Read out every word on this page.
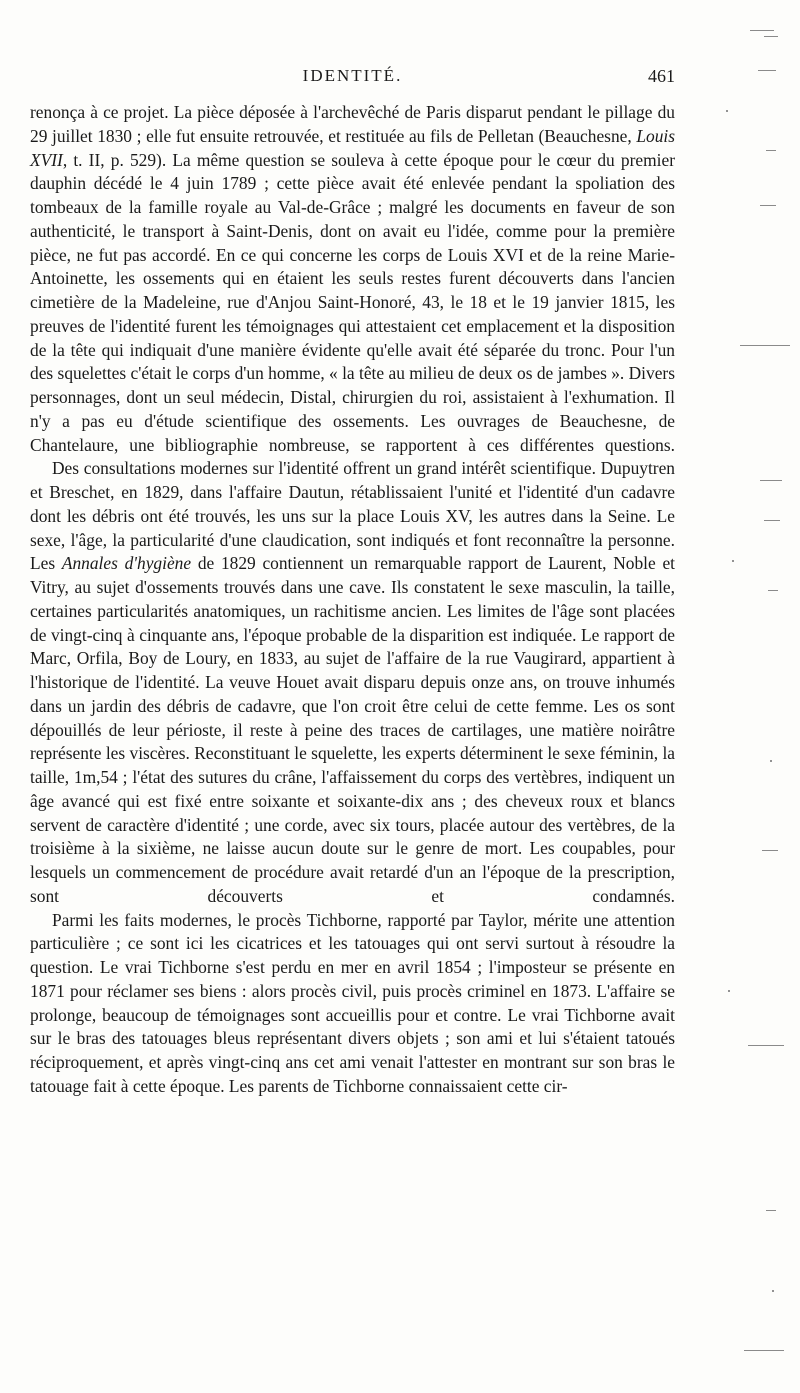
IDENTITÉ.	461

renonça à ce projet. La pièce déposée à l'archevêché de Paris disparut pendant le pillage du 29 juillet 1830 ; elle fut ensuite retrouvée, et restituée au fils de Pelletan (Beauchesne, Louis XVII, t. II, p. 529). La même question se souleva à cette époque pour le cœur du premier dauphin décédé le 4 juin 1789 ; cette pièce avait été enlevée pendant la spoliation des tombeaux de la famille royale au Val-de-Grâce ; malgré les documents en faveur de son authenticité, le transport à Saint-Denis, dont on avait eu l'idée, comme pour la première pièce, ne fut pas accordé. En ce qui concerne les corps de Louis XVI et de la reine Marie-Antoinette, les ossements qui en étaient les seuls restes furent découverts dans l'ancien cimetière de la Madeleine, rue d'Anjou Saint-Honoré, 43, le 18 et le 19 janvier 1815, les preuves de l'identité furent les témoignages qui attestaient cet emplacement et la disposition de la tête qui indiquait d'une manière évidente qu'elle avait été séparée du tronc. Pour l'un des squelettes c'était le corps d'un homme, « la tête au milieu de deux os de jambes ». Divers personnages, dont un seul médecin, Distal, chirurgien du roi, assistaient à l'exhumation. Il n'y a pas eu d'étude scientifique des ossements. Les ouvrages de Beauchesne, de Chantelaure, une bibliographie nombreuse, se rapportent à ces différentes questions.

Des consultations modernes sur l'identité offrent un grand intérêt scientifique. Dupuytren et Breschet, en 1829, dans l'affaire Dautun, rétablissaient l'unité et l'identité d'un cadavre dont les débris ont été trouvés, les uns sur la place Louis XV, les autres dans la Seine. Le sexe, l'âge, la particularité d'une claudication, sont indiqués et font reconnaître la personne. Les Annales d'hygiène de 1829 contiennent un remarquable rapport de Laurent, Noble et Vitry, au sujet d'ossements trouvés dans une cave. Ils constatent le sexe masculin, la taille, certaines particularités anatomiques, un rachitisme ancien. Les limites de l'âge sont placées de vingt-cinq à cinquante ans, l'époque probable de la disparition est indiquée. Le rapport de Marc, Orfila, Boy de Loury, en 1833, au sujet de l'affaire de la rue Vaugirard, appartient à l'historique de l'identité. La veuve Houet avait disparu depuis onze ans, on trouve inhumés dans un jardin des débris de cadavre, que l'on croit être celui de cette femme. Les os sont dépouillés de leur périoste, il reste à peine des traces de cartilages, une matière noirâtre représente les viscères. Reconstituant le squelette, les experts déterminent le sexe féminin, la taille, 1m,54 ; l'état des sutures du crâne, l'affaissement du corps des vertèbres, indiquent un âge avancé qui est fixé entre soixante et soixante-dix ans ; des cheveux roux et blancs servent de caractère d'identité ; une corde, avec six tours, placée autour des vertèbres, de la troisième à la sixième, ne laisse aucun doute sur le genre de mort. Les coupables, pour lesquels un commencement de procédure avait retardé d'un an l'époque de la prescription, sont découverts et condamnés.

Parmi les faits modernes, le procès Tichborne, rapporté par Taylor, mérite une attention particulière ; ce sont ici les cicatrices et les tatouages qui ont servi surtout à résoudre la question. Le vrai Tichborne s'est perdu en mer en avril 1854 ; l'imposteur se présente en 1871 pour réclamer ses biens : alors procès civil, puis procès criminel en 1873. L'affaire se prolonge, beaucoup de témoignages sont accueillis pour et contre. Le vrai Tichborne avait sur le bras des tatouages bleus représentant divers objets ; son ami et lui s'étaient tatoués réciproquement, et après vingt-cinq ans cet ami venait l'attester en montrant sur son bras le tatouage fait à cette époque. Les parents de Tichborne connaissaient cette cir-
